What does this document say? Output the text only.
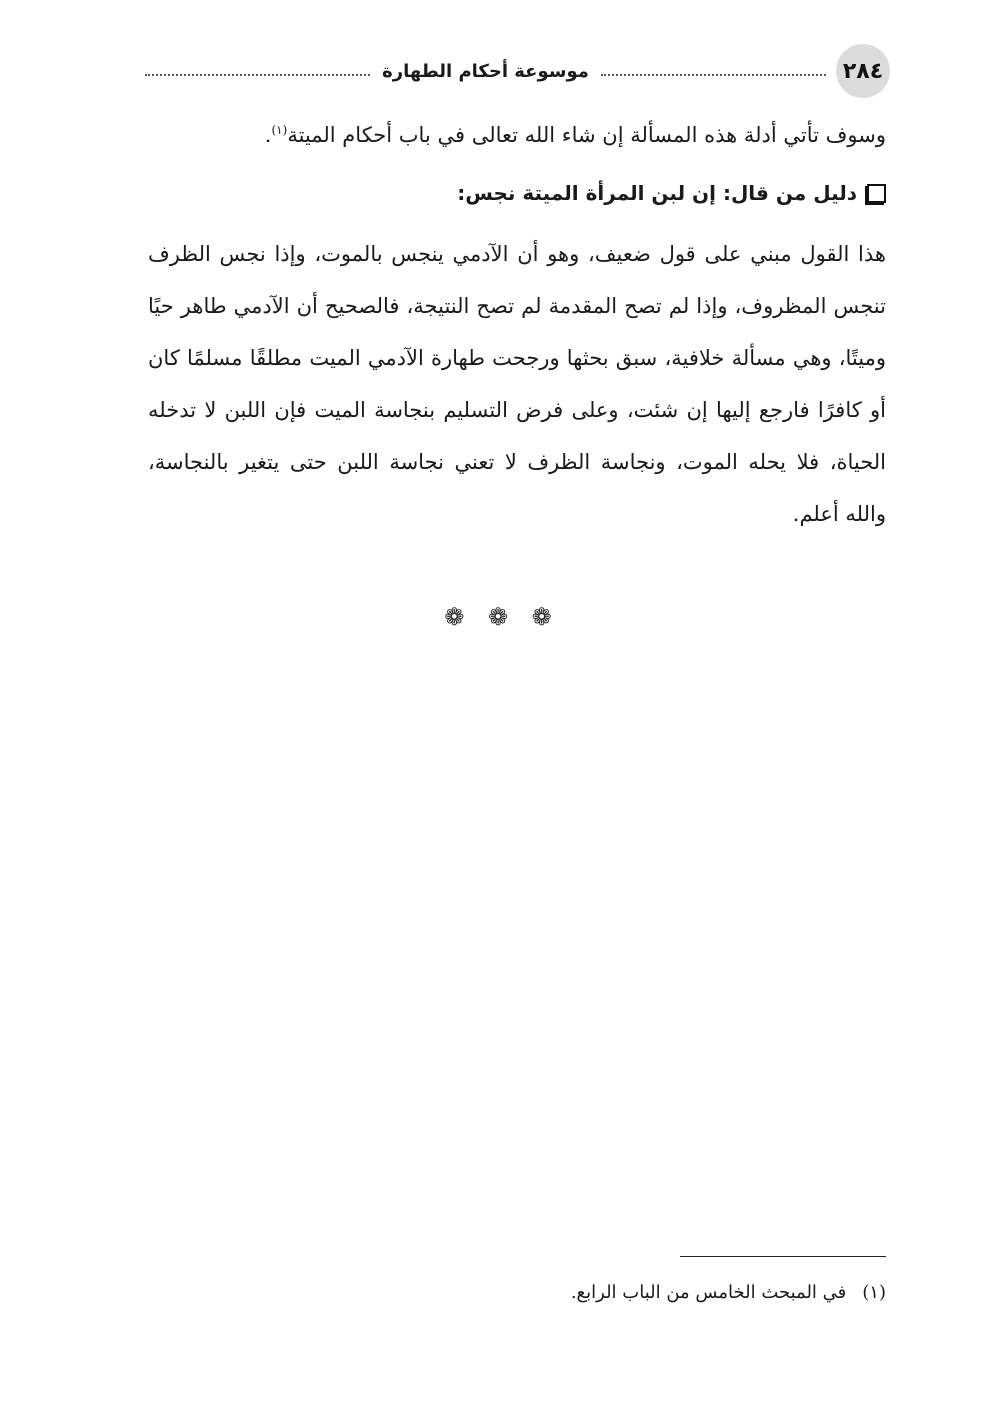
٢٨٤
موسوعة أحكام الطهارة

وسوف تأتي أدلة هذه المسألة إن شاء الله تعالى في باب أحكام الميتة$^{(١)}$.

دليل من قال: إن لبن المرأة الميتة نجس:

هذا القول مبني على قول ضعيف، وهو أن الآدمي ينجس بالموت، وإذا نجس الظرف تنجس المظروف، وإذا لم تصح المقدمة لم تصح النتيجة، فالصحيح أن الآدمي طاهر حيًا وميتًا، وهي مسألة خلافية، سبق بحثها ورجحت طهارة الآدمي الميت مطلقًا مسلمًا كان أو كافرًا فارجع إليها إن شئت، وعلى فرض التسليم بنجاسة الميت فإن اللبن لا تدخله الحياة، فلا يحله الموت، ونجاسة الظرف لا تعني نجاسة اللبن حتى يتغير بالنجاسة، والله أعلم.

❁ ❁ ❁
(١)
في المبحث الخامس من الباب الرابع.
